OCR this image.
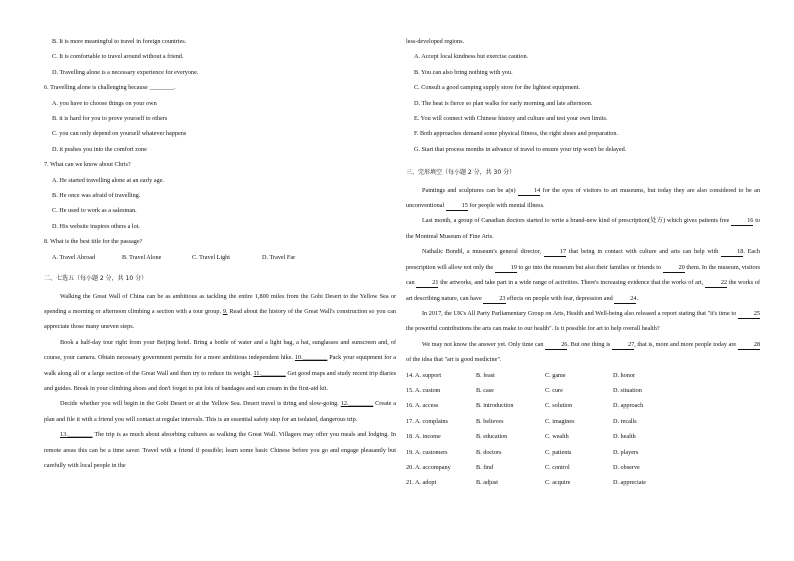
B. It is more meaningful to travel in foreign countries.
C. It is comfortable to travel around without a friend.
D. Travelling alone is a necessary experience for everyone.
6. Travelling alone is challenging because ________.
A. you have to choose things on your own
B. it is hard for you to prove yourself to others
C. you can only depend on yourself whatever happens
D. it pushes you into the comfort zone
7. What can we know about Chris?
A. He started travelling alone at an early age.
B. He once was afraid of travelling.
C. He used to work as a salesman.
D. His website inspires others a lot.
8. What is the best title for the passage?
A. Travel Abroad	B. Travel Alone	C. Travel Light	D. Travel Far
二、七选五（每小题 2 分，共 10 分）
Walking the Great Wall of China can be as ambitious as tackling the entire 1,800 miles from the Gobi Desert to the Yellow Sea or spending a morning or afternoon climbing a section with a tour group. 9. Read about the history of the Great Wall's construction so you can appreciate those many uneven steps.
Book a half-day tour right from your Beijing hotel. Bring a bottle of water and a light bag, a hat, sunglasses and sunscreen and, of course, your camera. Obtain necessary government permits for a more ambitious independent hike. 10.________ Pack your equipment for a walk along all or a large section of the Great Wall and then try to reduce its weight. 11.________ Get good maps and study recent trip diaries and guides. Break in your climbing shoes and don't forget to put lots of bandages and sun cream in the first-aid kit.
Decide whether you will begin in the Gobi Desert or at the Yellow Sea. Desert travel is tiring and slow-going. 12.________ Create a plan and file it with a friend you will contact at regular intervals. This is an essential safety step for an isolated, dangerous trip.
13.________ The trip is as much about absorbing cultures as walking the Great Wall. Villagers may offer you meals and lodging. In remote areas this can be a time saver. Travel with a friend if possible; learn some basic Chinese before you go and engage pleasantly but carefully with local people in the
less-developed regions.
A. Accept local kindness but exercise caution.
B. You can also bring nothing with you.
C. Consult a good camping supply store for the lightest equipment.
D. The heat is fierce so plan walks for early morning and late afternoon.
E. You will connect with Chinese history and culture and test your own limits.
F. Both approaches demand some physical fitness, the right shoes and preparation.
G. Start that process months in advance of travel to ensure your trip won't be delayed.
三、完形填空（每小题 2 分，共 30 分）
Paintings and sculptures can be a(n)	14 for the eyes of visitors to art museums, but today they are also considered to be an unconventional	15 for people with mental illness.
Last month, a group of Canadian doctors started to write a brand-new kind of prescription(处方) which gives patients free	16 to the Montreal Museum of Fine Arts.
Nathalic Bondil, a museum's general director,	17 that being in contact with culture and arts can help with	18. Each prescription will allow not only the	19 to go into the museum but also their families or friends to	20 them. In the museum, visitors can	21 the artworks, and take part in a wide range of activities. There's increasing evidence that the works of art,	22 the works of art describing nature, can have	23 effects on people with fear, depression and	24.
In 2017, the UK's All Party Parliamentary Group on Arts, Health and Well-being also released a report stating that "it's time to	25 the powerful contributions the arts can make to our health". Is it possible for art to help overall health?
We may not know the answer yet. Only time can	26. But one thing is	27, that is, more and more people today are	28 of the idea that "art is good medicine".
14. A. support	B. feast	C. game	D. honor
15. A. custom	B. case	C. cure	D. situation
16. A. access	B. introduction	C. solution	D. approach
17. A. complains	B. believes	C. imagines	D. recalls
18. A. income	B. education	C. wealth	D. health
19. A. customers	B. doctors	C. patients	D. players
20. A. accompany	B. find	C. control	D. observe
21. A. adopt	B. adjust	C. acquire	D. appreciate
